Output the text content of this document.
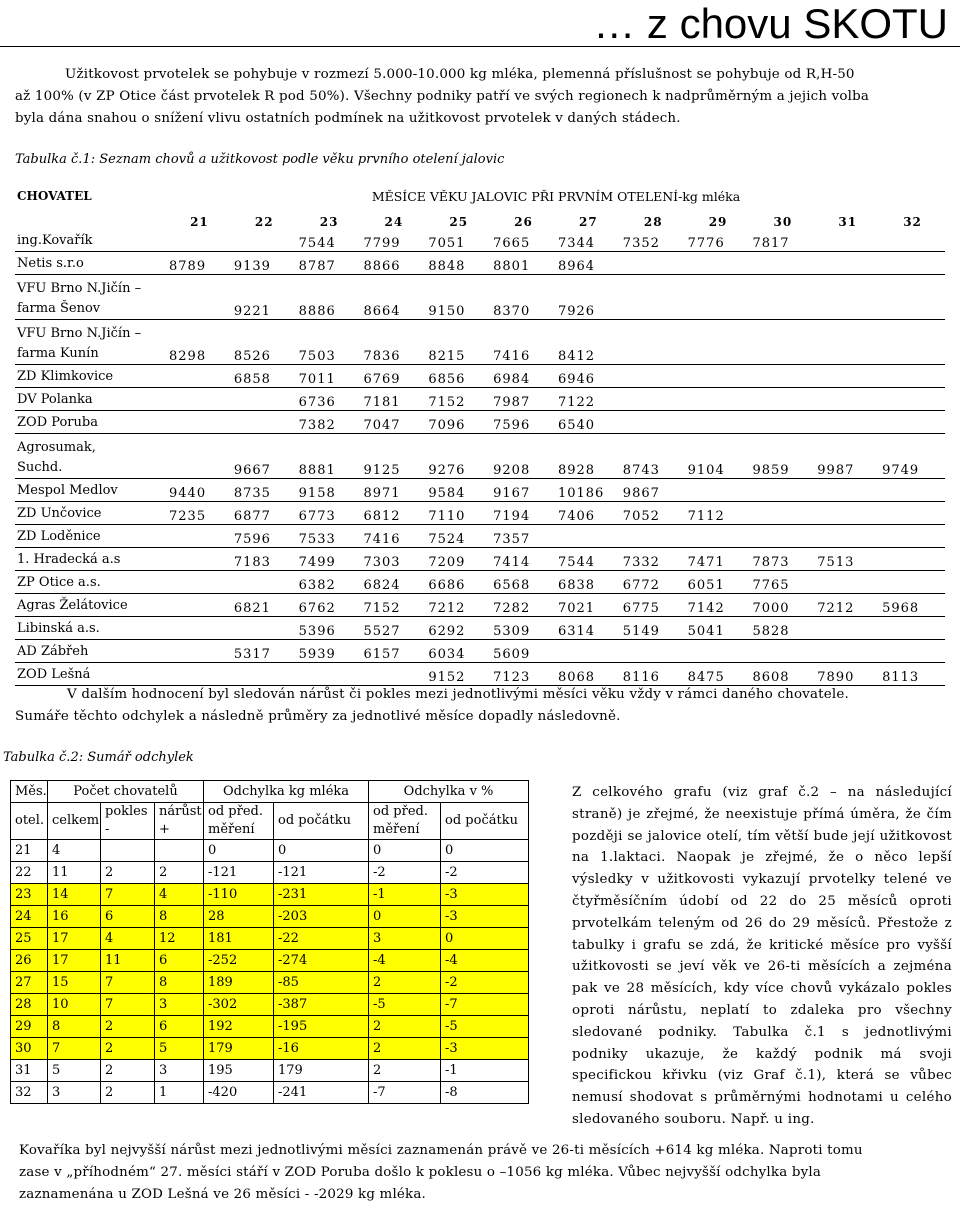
… z chovu SKOTU
Užitkovost prvotelek se pohybuje v rozmezí 5.000-10.000 kg mléka, plemenná příslušnost se pohybuje od R,H-50
až 100% (v ZP Otice část prvotelek R pod 50%). Všechny podniky patří ve svých regionech k nadprůměrným a jejich volba
byla dána snahou o snížení vlivu ostatních podmínek na užitkovost prvotelek v daných stádech.
Tabulka č.1: Seznam chovů a užitkovost podle věku prvního otelení jalovic
CHOVATEL	MĚSÍCE VĚKU JALOVIC PŘI PRVNÍM OTELENÍ-kg mléka											
	21	22	23	24	25	26	27	28	29	30	31	32

ing.Kovařík			7544	7799	7051	7665	7344	7352	7776	7817		

Netis s.r.o	8789	9139	8787	8866	8848	8801	8964					

VFU Brno N.Jičín –
farma Šenov		9221	8886	8664	9150	8370	7926					

VFU Brno N.Jičín –
farma Kunín	8298	8526	7503	7836	8215	7416	8412					

ZD Klimkovice		6858	7011	6769	6856	6984	6946					

DV Polanka			6736	7181	7152	7987	7122					

ZOD Poruba			7382	7047	7096	7596	6540					

Agrosumak,
Suchd.		9667	8881	9125	9276	9208	8928	8743	9104	9859	9987	9749

Mespol Medlov	9440	8735	9158	8971	9584	9167	10186	9867				

ZD Unčovice	7235	6877	6773	6812	7110	7194	7406	7052	7112			

ZD Loděnice		7596	7533	7416	7524	7357						

1. Hradecká a.s		7183	7499	7303	7209	7414	7544	7332	7471	7873	7513	

ZP Otice a.s.			6382	6824	6686	6568	6838	6772	6051	7765		

Agras Želátovice		6821	6762	7152	7212	7282	7021	6775	7142	7000	7212	5968

Libinská a.s.			5396	5527	6292	5309	6314	5149	5041	5828		

AD Zábřeh		5317	5939	6157	6034	5609						

ZOD Lešná					9152	7123	8068	8116	8475	8608	7890	8113
V dalším hodnocení byl sledován nárůst či pokles mezi jednotlivými měsíci věku vždy v rámci daného chovatele.
Sumáře těchto odchylek a následně průměry za jednotlivé měsíce dopadly následovně.
Tabulka č.2: Sumář odchylek
Měs.	Počet chovatelů			Odchylka kg mléka		Odchylka v %	
otel.	celkem	pokles -	nárůst +	od před. měření	od počátku	od před. měření	od počátku
21	4			0	0	0	0
22	11	2	2	-121	-121	-2	-2
23	14	7	4	-110	-231	-1	-3
24	16	6	8	28	-203	0	-3
25	17	4	12	181	-22	3	0
26	17	11	6	-252	-274	-4	-4
27	15	7	8	189	-85	2	-2
28	10	7	3	-302	-387	-5	-7
29	8	2	6	192	-195	2	-5
30	7	2	5	179	-16	2	-3
31	5	2	3	195	179	2	-1
32	3	2	1	-420	-241	-7	-8
Z celkového grafu (viz graf č.2 – na následující straně) je zřejmé, že neexistuje přímá úměra, že čím později se jalovice otelí, tím větší bude její užitkovost na 1.laktaci. Naopak je zřejmé, že o něco lepší výsledky v užitkovosti vykazují prvotelky telené ve čtyřměsíčním údobí od 22 do 25 měsíců oproti prvotelkám teleným od 26 do 29 měsíců. Přestože z tabulky i grafu se zdá, že kritické měsíce pro vyšší užitkovosti se jeví věk ve 26-ti měsících a zejména pak ve 28 měsících, kdy více chovů vykázalo pokles oproti nárůstu, neplatí to zdaleka pro všechny sledované podniky. Tabulka č.1 s jednotlivými podniky ukazuje, že každý podnik má svoji specifickou křivku (viz Graf č.1), která se vůbec nemusí shodovat s průměrnými hodnotami u celého sledovaného souboru. Např. u ing.
Kovaříka byl nejvyšší nárůst mezi jednotlivými měsíci zaznamenán právě ve 26-ti měsících +614 kg mléka. Naproti tomu
zase v „příhodném“ 27. měsíci stáří v ZOD Poruba došlo k poklesu o –1056 kg mléka. Vůbec nejvyšší odchylka byla
zaznamenána u ZOD Lešná ve 26 měsíci - -2029 kg mléka.
